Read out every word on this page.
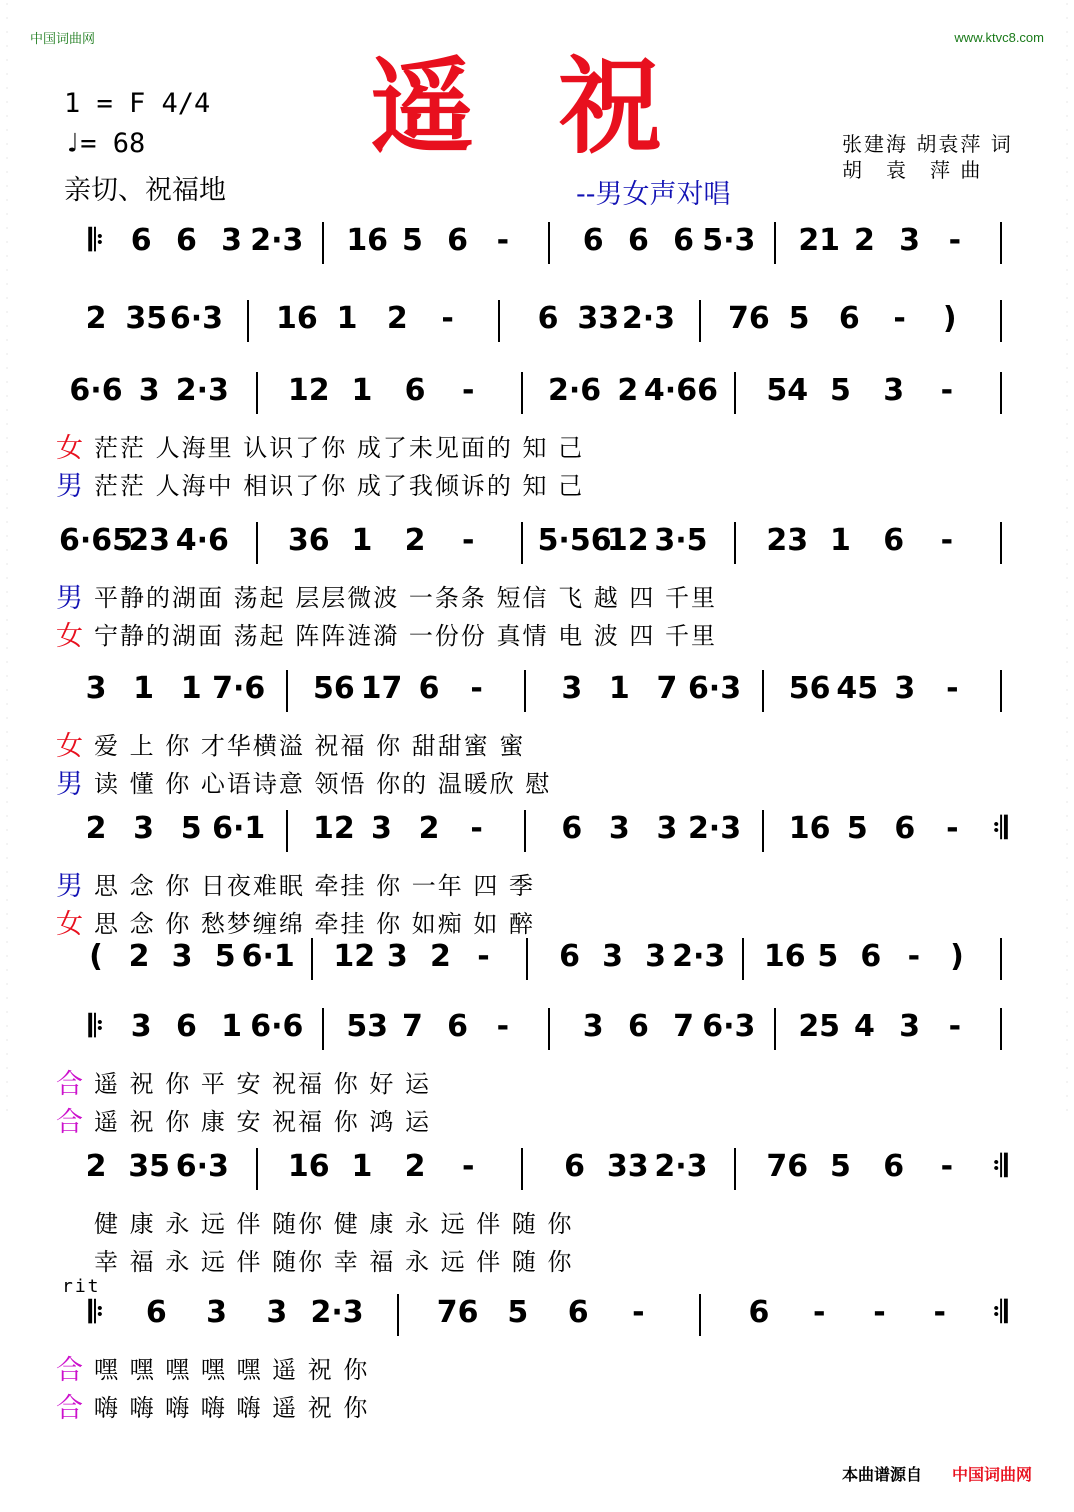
·
·
·
·
·
·
·
·
·
·
·
·
·
·
·
·
·
·
·
·
·
·
·
·
·
·
·
·
·
·
·
·
·
·
·
·
·
·
·
·
·
·
·
·
·
·
·
·
·
·
·
·
·
·
·
·
·
·
·
·
·
·
·
·
·
·
·
·
·
·
·
·
·
·
·
·
·
·
·
·
·
·
·
·
·
·
·
·
·
·
·
·
·
·
·
·
·
·
·
·
·
·
·
·
·
·
·
·
·
·
·
·
·
·
·
·
·
·
·
·
·
·
·
·
·
·
·
·
·
·
·
·
·
·
·
·
·
·
·
·
·
·
·
·
·
·
·
·
·
·
·
·
·
·
·
·
·
·
·
·
中国词曲网	www.ktvc8.com
遥祝
--男女声对唱
1 = F 4/4
♩= 68
亲切、祝福地
张建海 胡袁萍 词
胡　袁　萍 曲
rit
𝄆 6 6 3 2·3 16 5 6 - 6 6 6 5·3 21 2 3 -
2 35 6·3 16 1 2 -	6 33 2·3 76 5 6 - )
6·6 3 2·3 12 1 6 - 2·6 2 4·66 54 5 3 -
女 茫茫 人海里 认识了你 成了未见面的 知 己
男 茫茫 人海中 相识了你 成了我倾诉的 知 己
6·65
23 4·6 36 1 2 - 5·56
12 3·5 23 1 6 -
男 平静的湖面 荡起 层层微波 一条条 短信 飞 越 四 千里
女 宁静的湖面 荡起 阵阵涟漪 一份份 真情 电 波 四 千里
3 1 1 7·6 56 17 6 -	3 1 7 6·3 56 45 3 -
女 爱 上 你 才华横溢 祝福 你 甜甜蜜 蜜
男 读 懂 你 心语诗意 领悟 你的 温暖欣 慰
2 3 5 6·1 12 3 2 -	6 3 3 2·3 16 5 6 - 𝄇
男 思 念 你 日夜难眠 牵挂 你 一年 四 季
女 思 念 你 愁梦缠绵 牵挂 你 如痴 如 醉
( 2 3 5 6·1 12 3 2 - 6 3 3 2·3 16 5 6 - )
𝄆 3 6 1 6·6 53 7 6 - 3 6 7 6·3 25 4 3 -
合 遥 祝 你 平 安 祝福 你 好 运
合 遥 祝 你 康 安 祝福 你 鸿 运
2 35 6·3 16 1 2 -	6 33 2·3 76 5 6 - 𝄇
健 康 永 远 伴 随你 健 康 永 远 伴 随 你
幸 福 永 远 伴 随你 幸 福 永 远 伴 随 你
𝄆 6 3 3 2·3 76 5 6 -	6 - - - 𝄇
合 嘿 嘿 嘿 嘿 嘿 遥 祝 你
合 嗨 嗨 嗨 嗨 嗨 遥 祝 你
本曲谱源自 中国词曲网
